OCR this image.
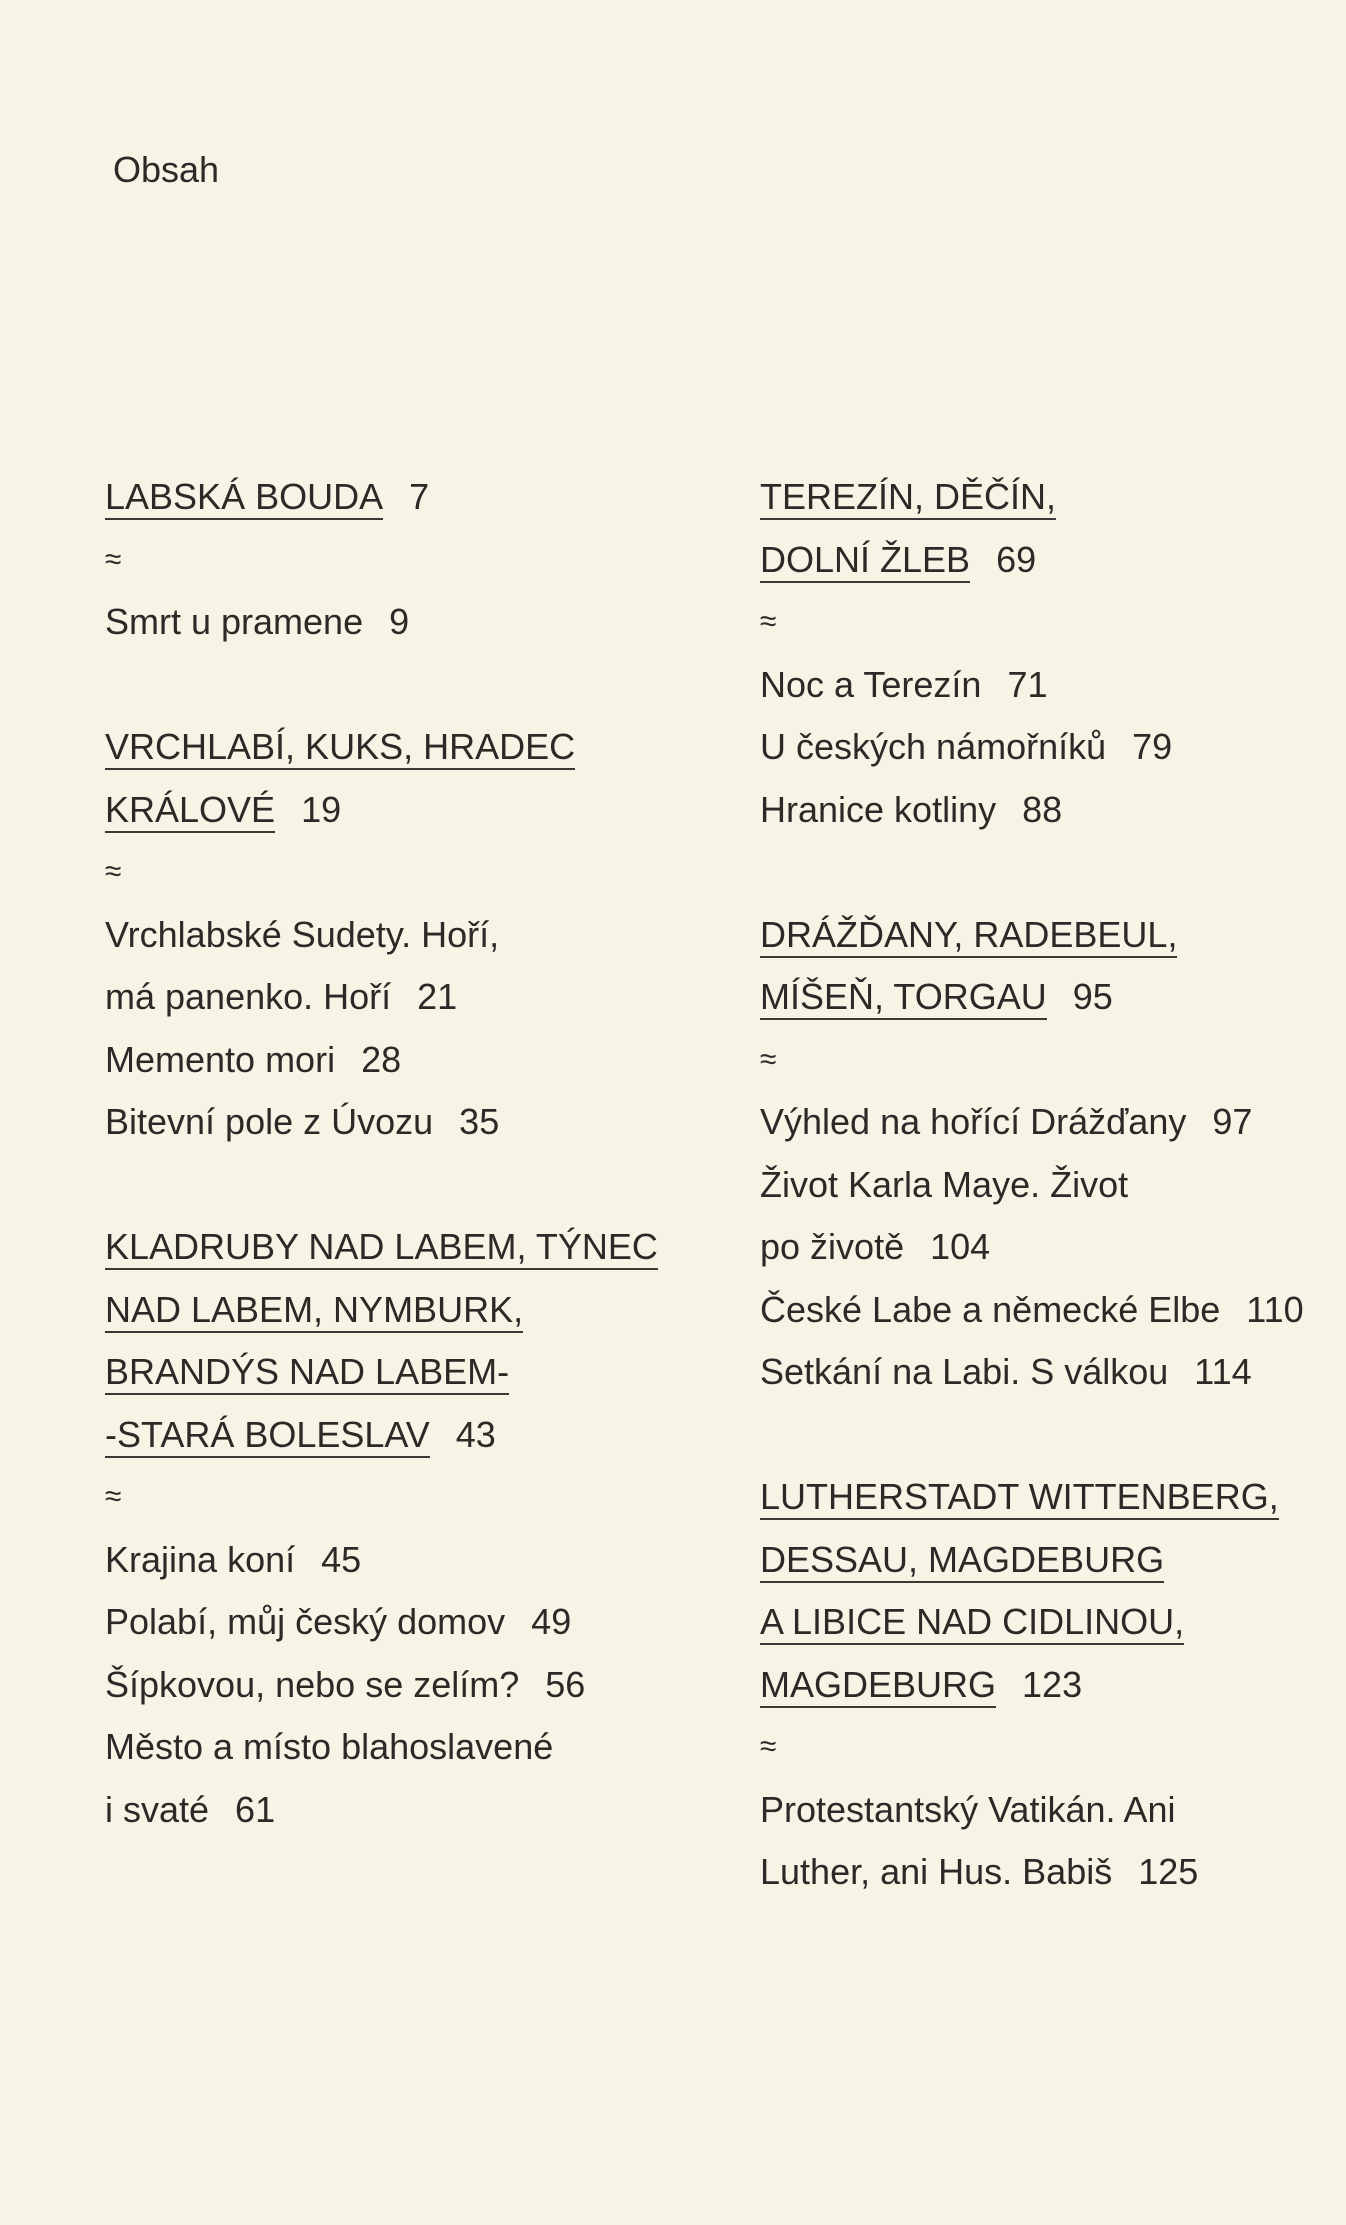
Obsah
LABSKÁ BOUDA 7
≈
Smrt u pramene 9
VRCHLABÍ, KUKS, HRADEC
KRÁLOVÉ 19
≈
Vrchlabské Sudety. Hoří,
má panenko. Hoří 21
Memento mori 28
Bitevní pole z Úvozu 35
KLADRUBY NAD LABEM, TÝNEC
NAD LABEM, NYMBURK,
BRANDÝS NAD LABEM-
-STARÁ BOLESLAV 43
≈
Krajina koní 45
Polabí, můj český domov 49
Šípkovou, nebo se zelím? 56
Město a místo blahoslavené
i svaté 61
TEREZÍN, DĚČÍN,
DOLNÍ ŽLEB 69
≈
Noc a Terezín 71
U českých námořníků 79
Hranice kotliny 88
DRÁŽĎANY, RADEBEUL,
MÍŠEŇ, TORGAU 95
≈
Výhled na hořící Drážďany 97
Život Karla Maye. Život
po životě 104
České Labe a německé Elbe 110
Setkání na Labi. S válkou 114
LUTHERSTADT WITTENBERG,
DESSAU, MAGDEBURG
A LIBICE NAD CIDLINOU,
MAGDEBURG 123
≈
Protestantský Vatikán. Ani
Luther, ani Hus. Babiš 125
